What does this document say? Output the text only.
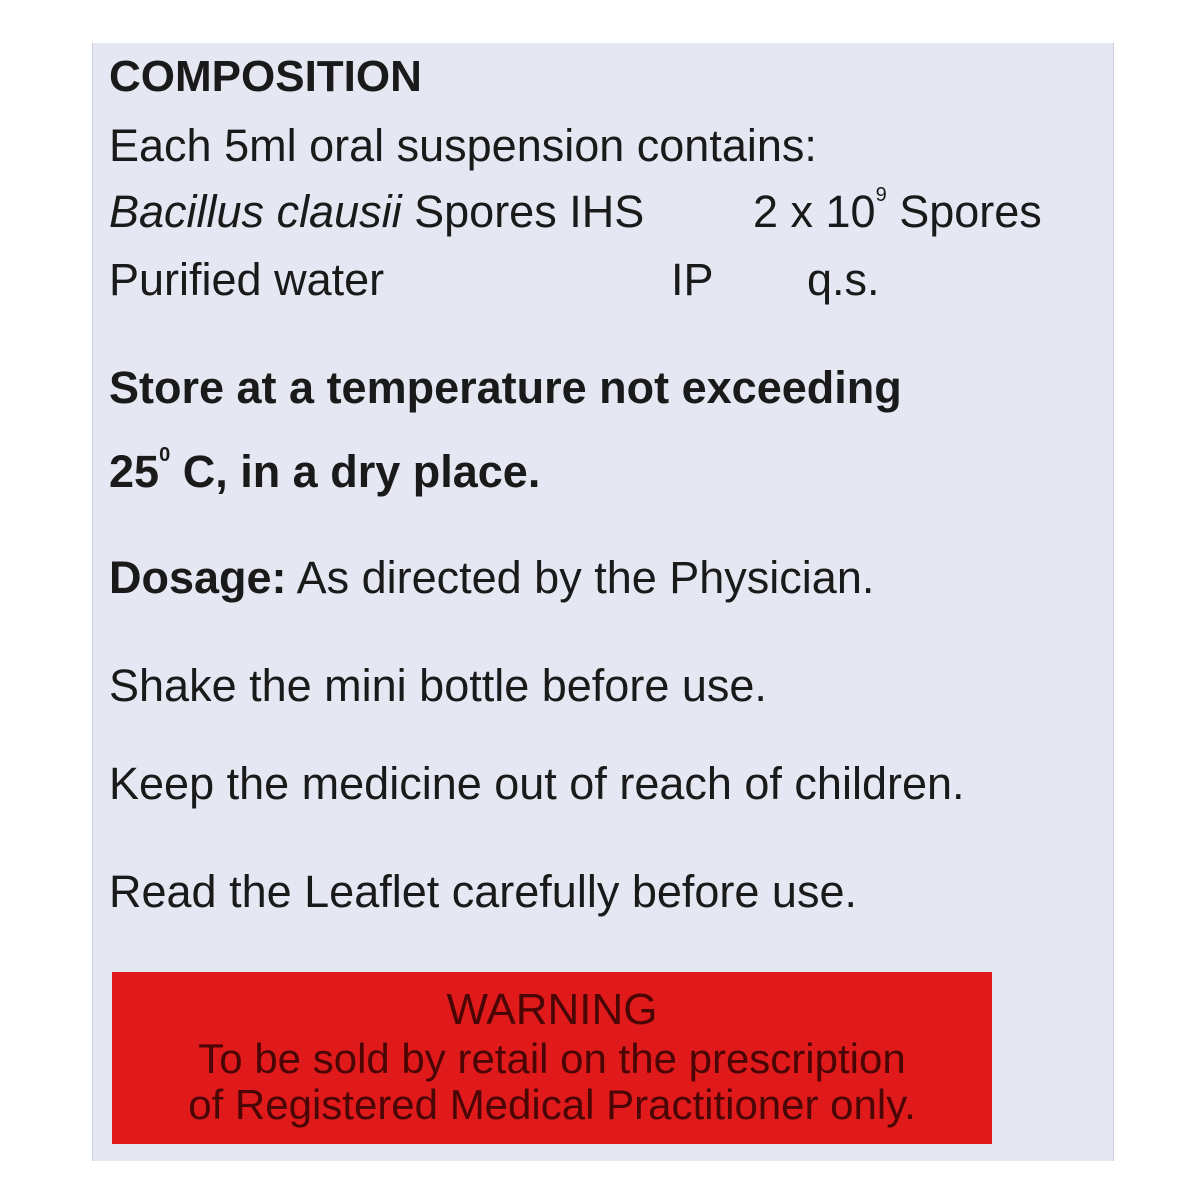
COMPOSITION
Each 5ml oral suspension contains:
Bacillus clausii Spores IHS 2 x $10^9$ Spores
Purified water	IP q.s.
Store at a temperature not exceeding
$25^0$ C, in a dry place.
Dosage: As directed by the Physician.
Shake the mini bottle before use.
Keep the medicine out of reach of children.
Read the Leaflet carefully before use.
WARNING
To be sold by retail on the prescription
of Registered Medical Practitioner only.
